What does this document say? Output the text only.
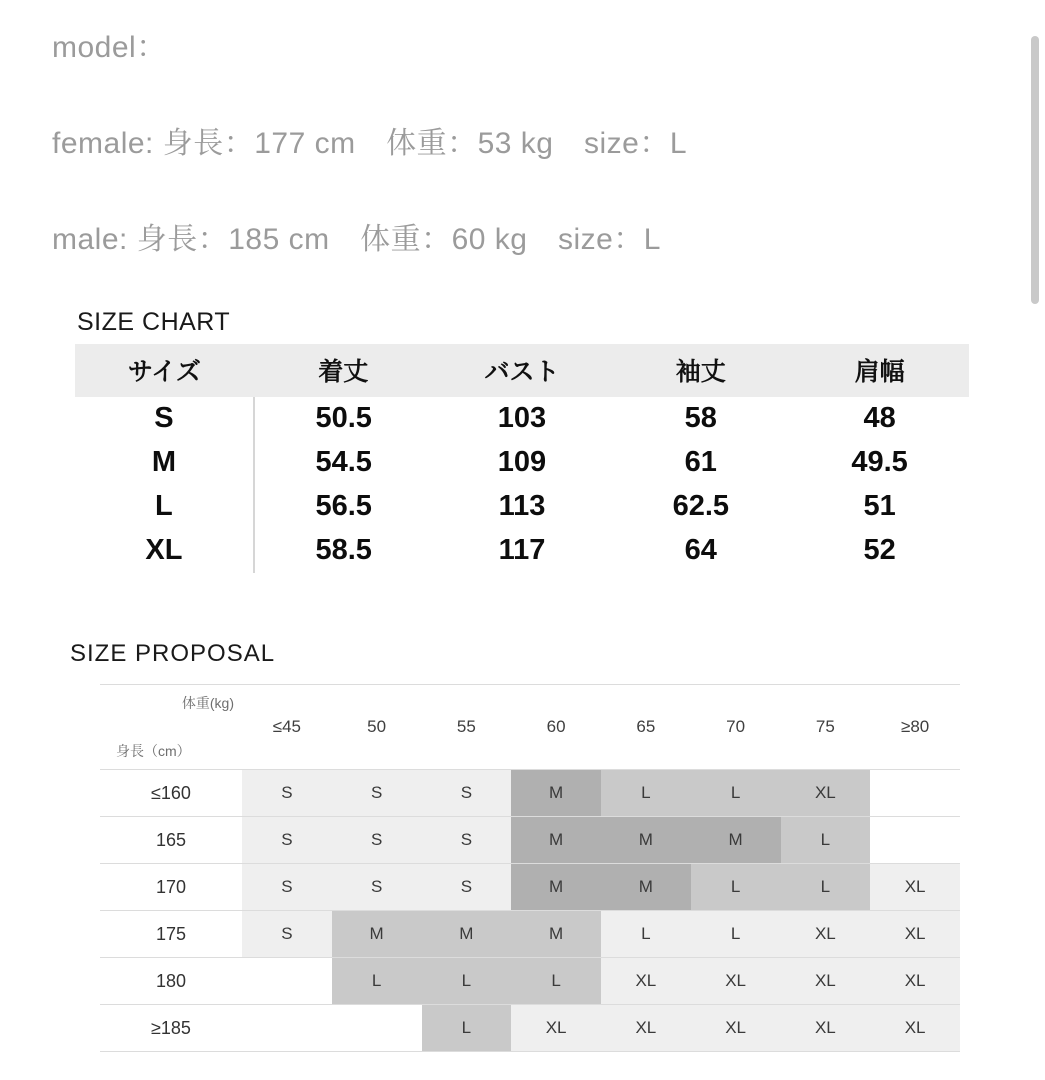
model：
female: 身長：177 cm　体重：53 kg　size：L
male: 身長：185 cm　体重：60 kg　size：L
SIZE CHART
サイズ	着丈	バスト	袖丈	肩幅
S	50.5	103	58	48
M	54.5	109	61	49.5
L	56.5	113	62.5	51
XL	58.5	117	64	52
SIZE PROPOSAL
体重(kg)
身長（cm）	≤45	50	55	60	65	70	75	≥80
≤160	S	S	S	M	L	L	XL	
165	S	S	S	M	M	M	L	
170	S	S	S	M	M	L	L	XL
175	S	M	M	M	L	L	XL	XL
180		L	L	L	XL	XL	XL	XL
≥185			L	XL	XL	XL	XL	XL
